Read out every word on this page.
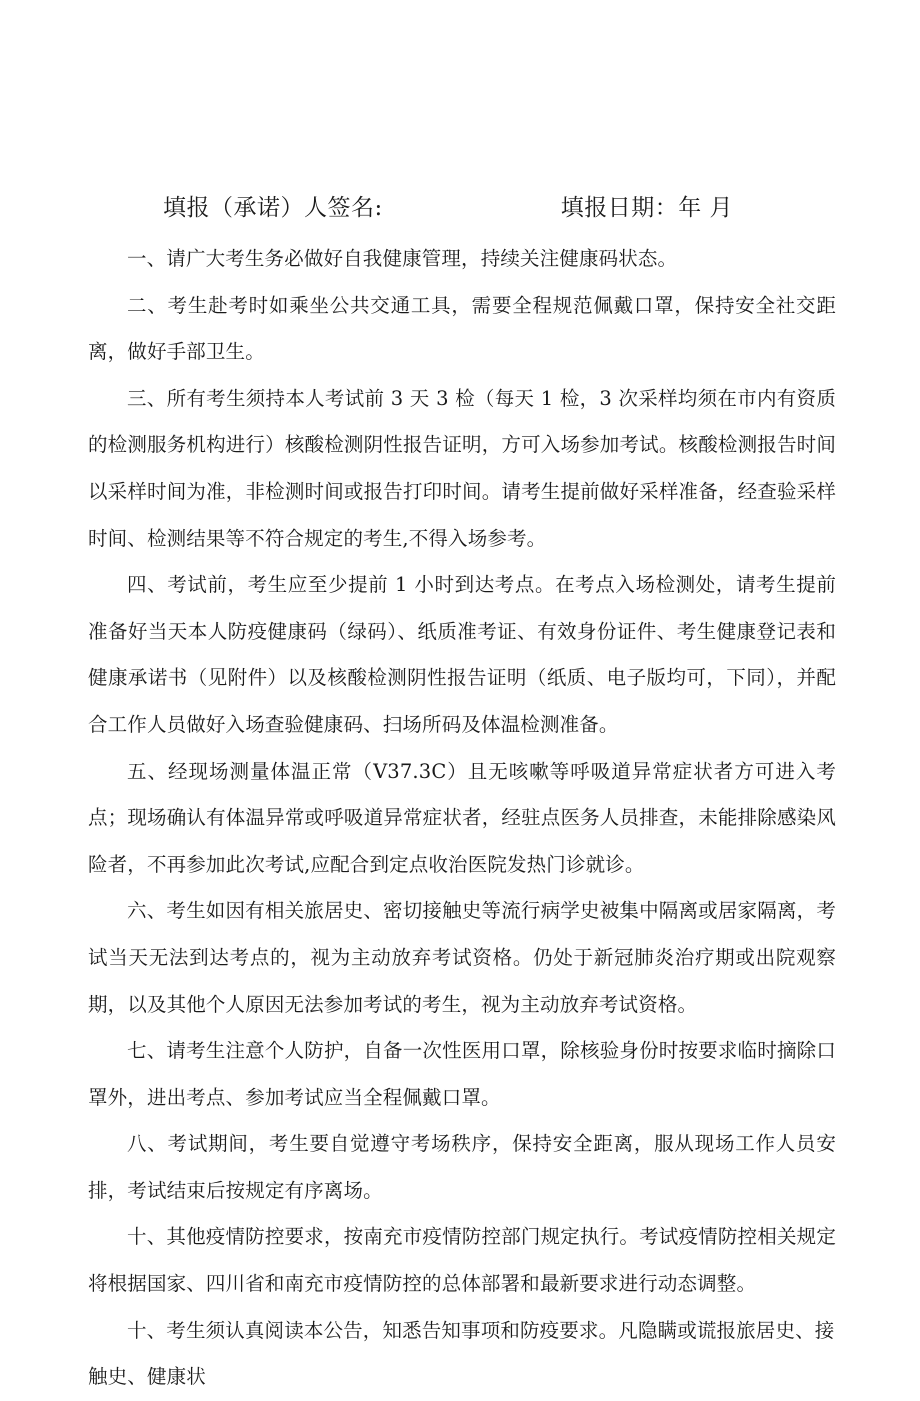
填报（承诺）人签名:	填报日期：年 月

一、请广大考生务必做好自我健康管理，持续关注健康码状态。

二、考生赴考时如乘坐公共交通工具，需要全程规范佩戴口罩，保持安全社交距离，做好手部卫生。

三、所有考生须持本人考试前 3 天 3 检（每天 1 检，3 次采样均须在市内有资质的检测服务机构进行）核酸检测阴性报告证明，方可入场参加考试。核酸检测报告时间以采样时间为准，非检测时间或报告打印时间。请考生提前做好采样准备，经查验采样时间、检测结果等不符合规定的考生,不得入场参考。

四、考试前，考生应至少提前 1 小时到达考点。在考点入场检测处，请考生提前准备好当天本人防疫健康码（绿码）、纸质准考证、有效身份证件、考生健康登记表和健康承诺书（见附件）以及核酸检测阴性报告证明（纸质、电子版均可，下同），并配合工作人员做好入场查验健康码、扫场所码及体温检测准备。

五、经现场测量体温正常（V37.3C）且无咳嗽等呼吸道异常症状者方可进入考点；现场确认有体温异常或呼吸道异常症状者，经驻点医务人员排查，未能排除感染风险者，不再参加此次考试,应配合到定点收治医院发热门诊就诊。

六、考生如因有相关旅居史、密切接触史等流行病学史被集中隔离或居家隔离，考试当天无法到达考点的，视为主动放弃考试资格。仍处于新冠肺炎治疗期或出院观察期，以及其他个人原因无法参加考试的考生，视为主动放弃考试资格。

七、请考生注意个人防护，自备一次性医用口罩，除核验身份时按要求临时摘除口罩外，进出考点、参加考试应当全程佩戴口罩。

八、考试期间，考生要自觉遵守考场秩序，保持安全距离，服从现场工作人员安排，考试结束后按规定有序离场。

十、其他疫情防控要求，按南充市疫情防控部门规定执行。考试疫情防控相关规定将根据国家、四川省和南充市疫情防控的总体部署和最新要求进行动态调整。

十、考生须认真阅读本公告，知悉告知事项和防疫要求。凡隐瞒或谎报旅居史、接触史、健康状
